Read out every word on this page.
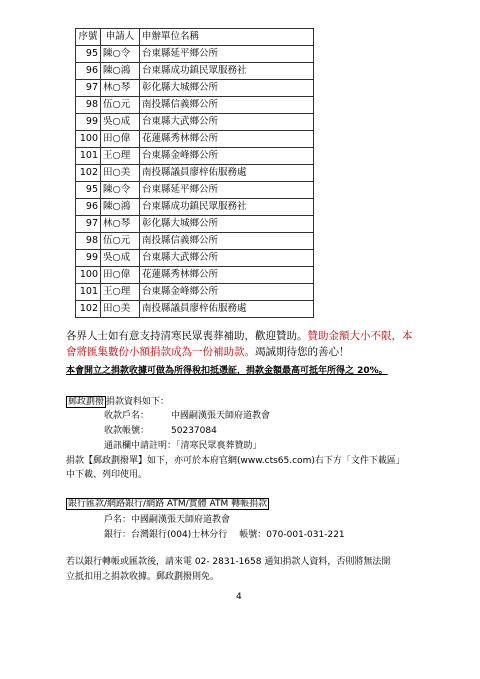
序號	申請人	申辦單位名稱
95	陳○令	台東縣延平鄉公所
96	陳○鴻	台東縣成功鎮民眾服務社
97	林○琴	彰化縣大城鄉公所
98	伍○元	南投縣信義鄉公所
99	吳○成	台東縣大武鄉公所
100	田○偉	花蓮縣秀林鄉公所
101	王○理	台東縣金峰鄉公所
102	田○美	南投縣議員廖梓佑服務處
95	陳○令	台東縣延平鄉公所
96	陳○鴻	台東縣成功鎮民眾服務社
97	林○琴	彰化縣大城鄉公所
98	伍○元	南投縣信義鄉公所
99	吳○成	台東縣大武鄉公所
100	田○偉	花蓮縣秀林鄉公所
101	王○理	台東縣金峰鄉公所
102	田○美	南投縣議員廖梓佑服務處
各界人士如有意支持清寒民眾喪葬補助，歡迎贊助。贊助金額大小不限，本會將匯集數份小額捐款成為一份補助款。竭誠期待您的善心！
本會開立之捐款收據可做為所得稅扣抵憑証，捐款金額最高可抵年所得之 20%。
郵政劃撥 捐款資料如下：
收款戶名： 中國嗣漢張天師府道教會
收款帳號： 50237084
通訊欄中請註明：「清寒民眾喪葬贊助」
捐款【郵政劃撥單】如下，亦可於本府官網(www.cts65.com)右下方「文件下載區」
中下載、列印使用。
銀行匯款/網路銀行/網路 ATM/實體 ATM 轉帳捐款
戶名：中國嗣漢張天師府道教會
銀行：台灣銀行(004)士林分行 帳號：070-001-031-221
若以銀行轉帳或匯款後，請來電 02- 2831-1658 通知捐款人資料，否則將無法開
立抵扣用之捐款收據。郵政劃撥則免。
4
